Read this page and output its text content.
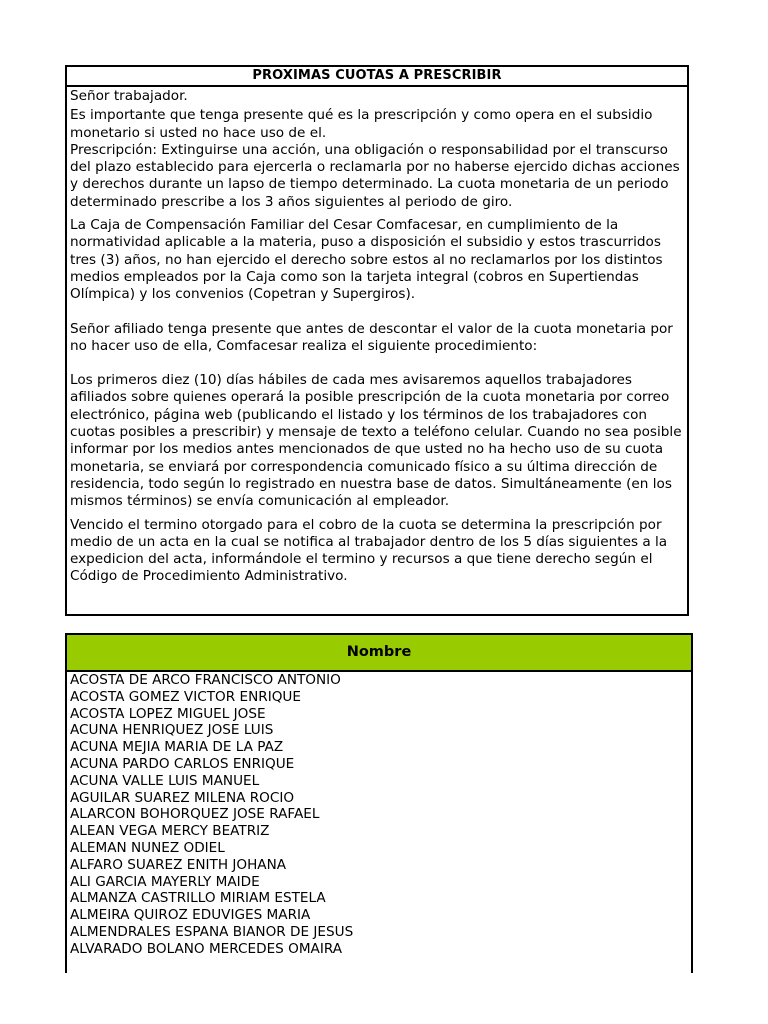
PROXIMAS CUOTAS A PRESCRIBIR

Señor trabajador.

Es importante que tenga presente qué es la prescripción y como opera en el subsidio monetario si usted no hace uso de el.

Prescripción: Extinguirse una acción, una obligación o responsabilidad por el transcurso del plazo establecido para ejercerla o reclamarla por no haberse ejercido dichas acciones y derechos durante un lapso de tiempo determinado. La cuota monetaria de un periodo determinado prescribe a los 3 años siguientes al periodo de giro.

La Caja de Compensación Familiar del Cesar Comfacesar, en cumplimiento de la normatividad aplicable a la materia, puso a disposición el subsidio y estos trascurridos tres (3) años, no han ejercido el derecho sobre estos al no reclamarlos por los distintos medios empleados por la Caja como son la tarjeta integral (cobros en Supertiendas Olímpica) y los convenios (Copetran y Supergiros).

Señor afiliado tenga presente que antes de descontar el valor de la cuota monetaria por no hacer uso de ella, Comfacesar realiza el siguiente procedimiento:

Los primeros diez (10) días hábiles de cada mes avisaremos aquellos trabajadores afiliados sobre quienes operará la posible prescripción de la cuota monetaria por correo electrónico, página web (publicando el listado y los términos de los trabajadores con cuotas posibles a prescribir) y mensaje de texto a teléfono celular. Cuando no sea posible informar por los medios antes mencionados de que usted no ha hecho uso de su cuota monetaria, se enviará por correspondencia comunicado físico a su última dirección de residencia, todo según lo registrado en nuestra base de datos. Simultáneamente (en los mismos términos) se envía comunicación al empleador.

Vencido el termino otorgado para el cobro de la cuota se determina la prescripción por medio de un acta en la cual se notifica al trabajador dentro de los 5 días siguientes a la expedicion del acta, informándole el termino y recursos a que tiene derecho según el Código de Procedimiento Administrativo.

Nombre
ACOSTA DE ARCO FRANCISCO ANTONIO
ACOSTA GOMEZ VICTOR ENRIQUE
ACOSTA LOPEZ MIGUEL JOSE
ACUNA HENRIQUEZ JOSE LUIS
ACUNA MEJIA MARIA DE LA PAZ
ACUNA PARDO CARLOS ENRIQUE
ACUNA VALLE LUIS MANUEL
AGUILAR SUAREZ MILENA ROCIO
ALARCON BOHORQUEZ JOSE RAFAEL
ALEAN VEGA MERCY BEATRIZ
ALEMAN NUNEZ ODIEL
ALFARO SUAREZ ENITH JOHANA
ALI GARCIA MAYERLY MAIDE
ALMANZA CASTRILLO MIRIAM ESTELA
ALMEIRA QUIROZ EDUVIGES MARIA
ALMENDRALES ESPANA BIANOR DE JESUS
ALVARADO BOLANO MERCEDES OMAIRA
